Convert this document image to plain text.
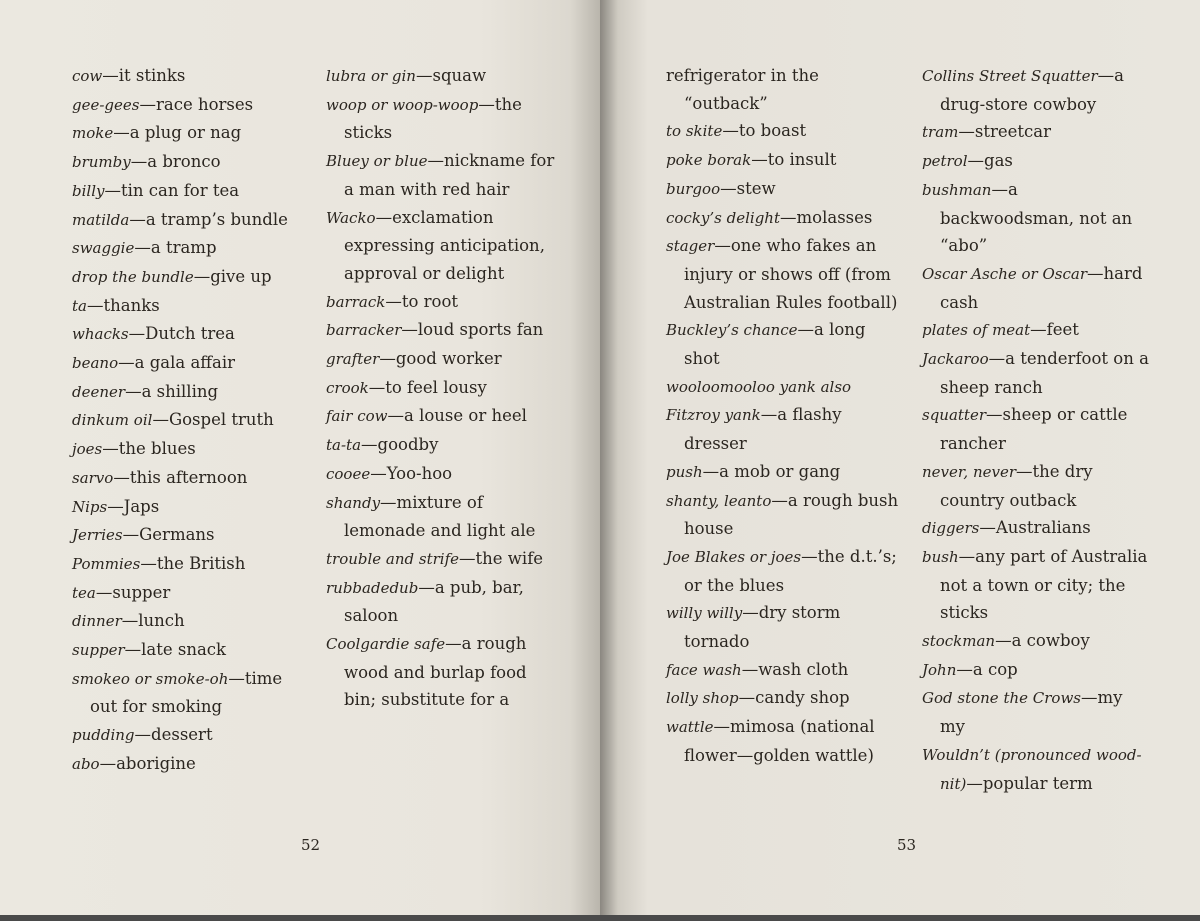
cow—it stinks
gee-gees—race horses
moke—a plug or nag
brumby—a bronco
billy—tin can for tea
matilda—a tramp’s bundle
swaggie—a tramp
drop the bundle—give up
ta—thanks
whacks—Dutch trea
beano—a gala affair
deener—a shilling
dinkum oil—Gospel truth
joes—the blues
sarvo—this afternoon
Nips—Japs
Jerries—Germans
Pommies—the British
tea—supper
dinner—lunch
supper—late snack
smokeo or smoke-oh—time out for smoking
pudding—dessert
abo—aborigine
lubra or gin—squaw
woop or woop-woop—the sticks
Bluey or blue—nickname for a man with red hair
Wacko—exclamation expressing anticipation, approval or delight
barrack—to root
barracker—loud sports fan
grafter—good worker
crook—to feel lousy
fair cow—a louse or heel
ta-ta—goodby
cooee—Yoo-hoo
shandy—mixture of lemonade and light ale
trouble and strife—the wife
rubbadedub—a pub, bar, saloon
Coolgardie safe—a rough wood and burlap food bin; substitute for a
52
refrigerator in the “outback”
to skite—to boast
poke borak—to insult
burgoo—stew
cocky’s delight—molasses
stager—one who fakes an injury or shows off (from Australian Rules football)
Buckley’s chance—a long shot
wooloomooloo yank also
Fitzroy yank—a flashy dresser
push—a mob or gang
shanty, leanto—a rough bush house
Joe Blakes or joes—the d.t.’s; or the blues
willy willy—dry storm tornado
face wash—wash cloth
lolly shop—candy shop
wattle—mimosa (national flower—golden wattle)
Collins Street Squatter—a drug-store cowboy
tram—streetcar
petrol—gas
bushman—a backwoodsman, not an “abo”
Oscar Asche or Oscar—hard cash
plates of meat—feet
Jackaroo—a tenderfoot on a sheep ranch
squatter—sheep or cattle rancher
never, never—the dry country outback
diggers—Australians
bush—any part of Australia not a town or city; the sticks
stockman—a cowboy
John—a cop
God stone the Crows—my my
Wouldn’t (pronounced wood-nit)—popular term
53
